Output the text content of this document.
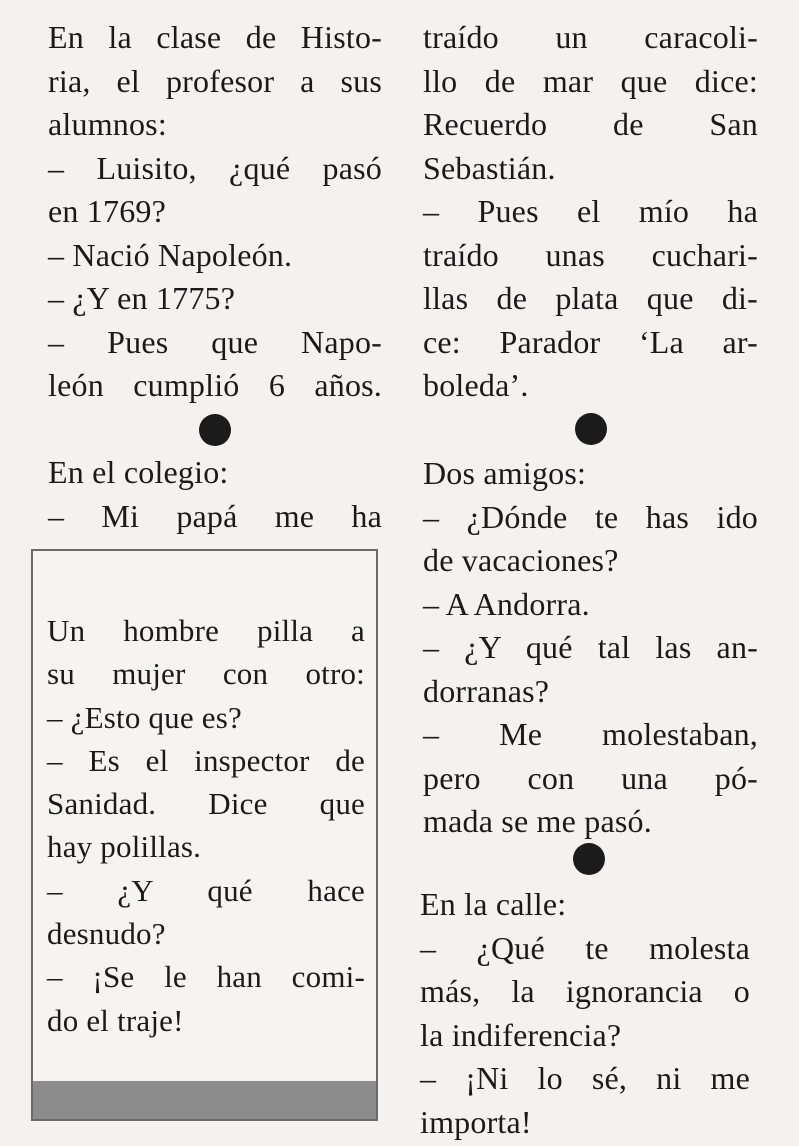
En la clase de Histo-
ria, el profesor a sus
alumnos:
– Luisito, ¿qué pasó
en 1769?
– Nació Napoleón.
– ¿Y en 1775?
– Pues que Napo-
león cumplió 6 años.
En el colegio:
– Mi papá me ha
Un hombre pilla a
su mujer con otro:
– ¿Esto que es?
– Es el inspector de
Sanidad. Dice que
hay polillas.
– ¿Y qué hace
desnudo?
– ¡Se le han comi-
do el traje!
traído un caracoli-
llo de mar que dice:
Recuerdo de San
Sebastián.
– Pues el mío ha
traído unas cuchari-
llas de plata que di-
ce: Parador ‘La ar-
boleda’.
Dos amigos:
– ¿Dónde te has ido
de vacaciones?
– A Andorra.
– ¿Y qué tal las an-
dorranas?
– Me molestaban,
pero con una pó-
mada se me pasó.
En la calle:
– ¿Qué te molesta
más, la ignorancia o
la indiferencia?
– ¡Ni lo sé, ni me
importa!
